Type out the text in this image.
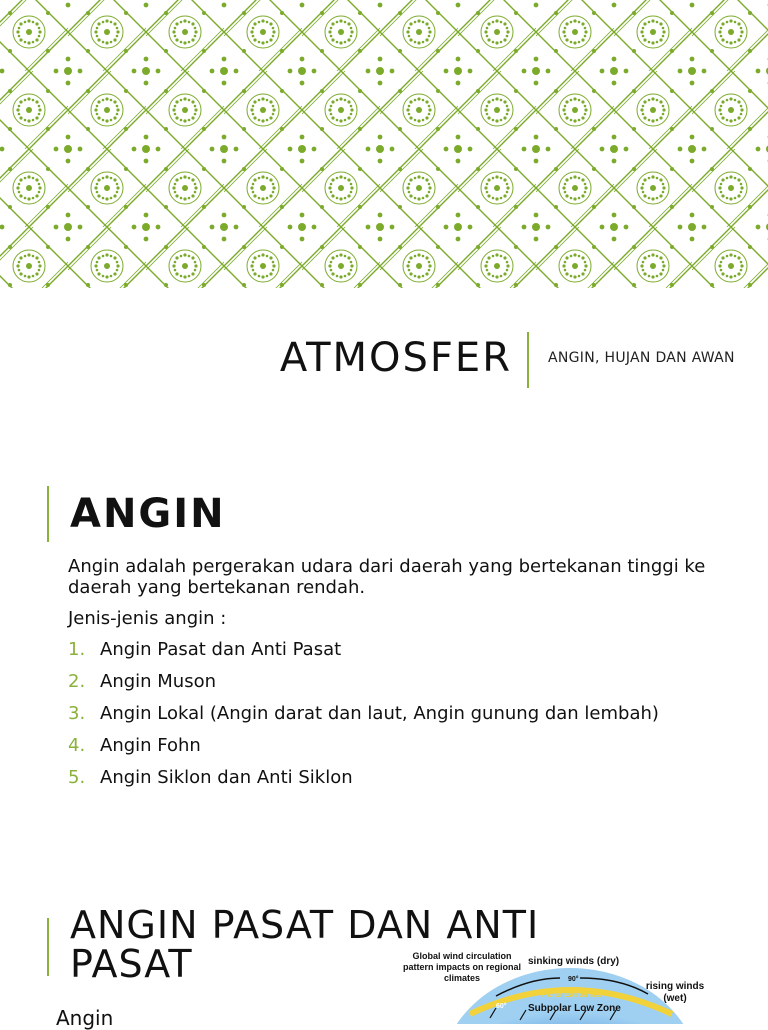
ATMOSFER	ANGIN, HUJAN DAN AWAN
ANGIN

Angin adalah pergerakan udara dari daerah yang bertekanan tinggi ke daerah yang bertekanan rendah.

Jenis-jenis angin :

1. Angin Pasat dan Anti Pasat
2. Angin Muson
3. Angin Lokal (Angin darat dan laut, Angin gunung dan lembah)
4. Angin Fohn
5. Angin Siklon dan Anti Siklon
ANGIN PASAT DAN ANTI PASAT
Angin
Global wind circulation pattern impacts on regional climates
sinking winds (dry)
90°
rising winds (wet)
Polar Easterlies
60° Subpolar Low Zone
